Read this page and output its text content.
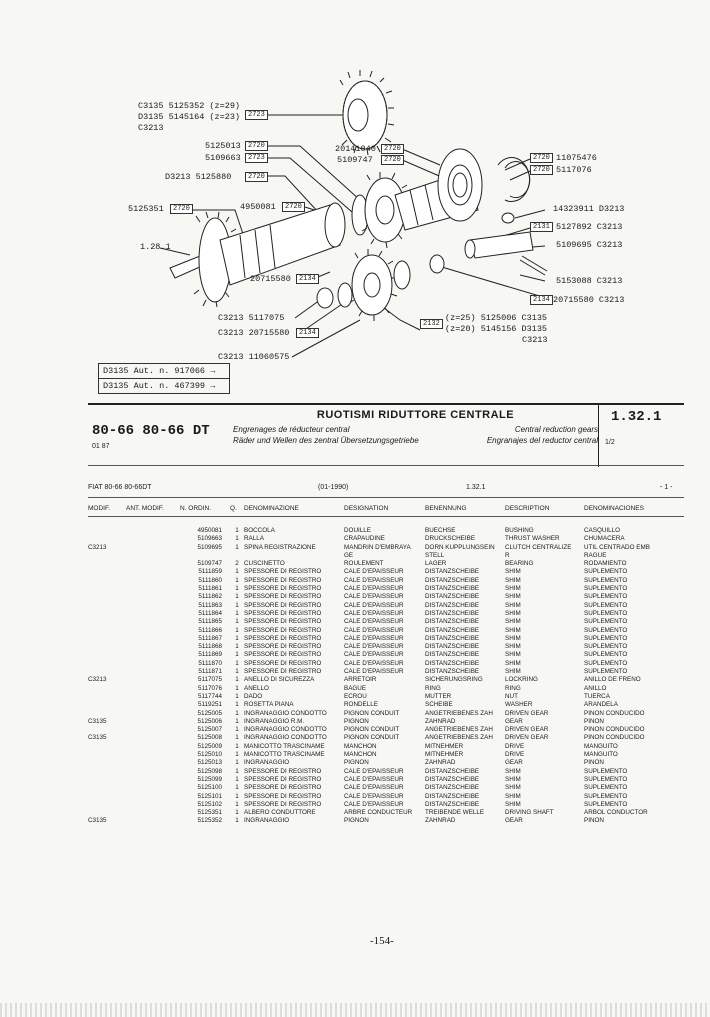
C3135 5125352 (z=29)
D3135 5145164 (z=23)
C3213
2723
5125013	2720
5109663	2723
D3213 5125880	2720
5125351	2720	4950081	2720
1.28.1
20715580	2134
C3213 5117075
C3213 20715580	2134
C3213 11060575
20141040	2720
5109747	2720	2720 11075476
2720 5117076
14323911 D3213
2131 5127892 C3213
5109695 C3213
5153088 C3213
2134 20715580 C3213
2132
(z=25) 5125006 C3135
(z=20) 5145156 D3135
C3213
D3135 Aut. n. 917066 →
D3135 Aut. n. 467399 →
80-66 80-66 DT
01 87
RUOTISMI RIDUTTORE CENTRALE
Engrenages de réducteur central	Central reduction gears
Räder und Wellen des zentral Übersetzungsgetriebe	Engranajes del reductor central
1.32.1
1/2
FIAT 80-66 80-66DT	(01-1990)	1.32.1	- 1 -
MODIF. ANT. MODIF. N. ORDIN.	Q. DENOMINAZIONE	DESIGNATION	BENENNUNG	DESCRIPTION	DENOMINACIONES
		4950081	1	BOCCOLA	DOUILLE	BUECHSE	BUSHING	CASQUILLO
		5109663	1	RALLA	CRAPAUDINE	DRUCKSCHEIBE	THRUST WASHER	CHUMACERA
C3213		5109695	1	SPINA REGISTRAZIONE	MANDRIN D'EMBRAYA	DORN KUPPLUNGSEIN	CLUTCH CENTRALIZE	UTIL CENTRADO EMB
					GE	STELL	R	RAGUE
		5109747	2	CUSCINETTO	ROULEMENT	LAGER	BEARING	RODAMIENTO
		5111859	1	SPESSORE DI REGISTRO	CALE D'EPAISSEUR	DISTANZSCHEIBE	SHIM	SUPLEMENTO
		5111860	1	SPESSORE DI REGISTRO	CALE D'EPAISSEUR	DISTANZSCHEIBE	SHIM	SUPLEMENTO
		5111861	1	SPESSORE DI REGISTRO	CALE D'EPAISSEUR	DISTANZSCHEIBE	SHIM	SUPLEMENTO
		5111862	1	SPESSORE DI REGISTRO	CALE D'EPAISSEUR	DISTANZSCHEIBE	SHIM	SUPLEMENTO
		5111863	1	SPESSORE DI REGISTRO	CALE D'EPAISSEUR	DISTANZSCHEIBE	SHIM	SUPLEMENTO
		5111864	1	SPESSORE DI REGISTRO	CALE D'EPAISSEUR	DISTANZSCHEIBE	SHIM	SUPLEMENTO
		5111865	1	SPESSORE DI REGISTRO	CALE D'EPAISSEUR	DISTANZSCHEIBE	SHIM	SUPLEMENTO
		5111866	1	SPESSORE DI REGISTRO	CALE D'EPAISSEUR	DISTANZSCHEIBE	SHIM	SUPLEMENTO
		5111867	1	SPESSORE DI REGISTRO	CALE D'EPAISSEUR	DISTANZSCHEIBE	SHIM	SUPLEMENTO
		5111868	1	SPESSORE DI REGISTRO	CALE D'EPAISSEUR	DISTANZSCHEIBE	SHIM	SUPLEMENTO
		5111869	1	SPESSORE DI REGISTRO	CALE D'EPAISSEUR	DISTANZSCHEIBE	SHIM	SUPLEMENTO
		5111870	1	SPESSORE DI REGISTRO	CALE D'EPAISSEUR	DISTANZSCHEIBE	SHIM	SUPLEMENTO
		5111871	1	SPESSORE DI REGISTRO	CALE D'EPAISSEUR	DISTANZSCHEIBE	SHIM	SUPLEMENTO
C3213		5117075	1	ANELLO DI SICUREZZA	ARRETOIR	SICHERUNGSRING	LOCKRING	ANILLO DE FRENO
		5117076	1	ANELLO	BAGUE	RING	RING	ANILLO
		5117744	1	DADO	ECROU	MUTTER	NUT	TUERCA
		5119251	1	ROSETTA PIANA	RONDELLE	SCHEIBE	WASHER	ARANDELA
		5125005	1	INGRANAGGIO CONDOTTO	PIGNON CONDUIT	ANGETRIEBENES ZAH	DRIVEN GEAR	PINON CONDUCIDO
C3135		5125006	1	INGRANAGGIO R.M.	PIGNON	ZAHNRAD	GEAR	PINON
		5125007	1	INGRANAGGIO CONDOTTO	PIGNON CONDUIT	ANGETRIEBENES ZAH	DRIVEN GEAR	PINON CONDUCIDO
C3135		5125008	1	INGRANAGGIO CONDOTTO	PIGNON CONDUIT	ANGETRIEBENES ZAH	DRIVEN GEAR	PINON CONDUCIDO
		5125009	1	MANICOTTO TRASCINAME	MANCHON	MITNEHMER	DRIVE	MANGUITO
		5125010	1	MANICOTTO TRASCINAME	MANCHON	MITNEHMER	DRIVE	MANGUITO
		5125013	1	INGRANAGGIO	PIGNON	ZAHNRAD	GEAR	PINON
		5125098	1	SPESSORE DI REGISTRO	CALE D'EPAISSEUR	DISTANZSCHEIBE	SHIM	SUPLEMENTO
		5125099	1	SPESSORE DI REGISTRO	CALE D'EPAISSEUR	DISTANZSCHEIBE	SHIM	SUPLEMENTO
		5125100	1	SPESSORE DI REGISTRO	CALE D'EPAISSEUR	DISTANZSCHEIBE	SHIM	SUPLEMENTO
		5125101	1	SPESSORE DI REGISTRO	CALE D'EPAISSEUR	DISTANZSCHEIBE	SHIM	SUPLEMENTO
		5125102	1	SPESSORE DI REGISTRO	CALE D'EPAISSEUR	DISTANZSCHEIBE	SHIM	SUPLEMENTO
		5125351	1	ALBERO CONDUTTORE	ARBRE CONDUCTEUR	TREIBENDE WELLE	DRIVING SHAFT	ARBOL CONDUCTOR
C3135		5125352	1	INGRANAGGIO	PIGNON	ZAHNRAD	GEAR	PINON
-154-
